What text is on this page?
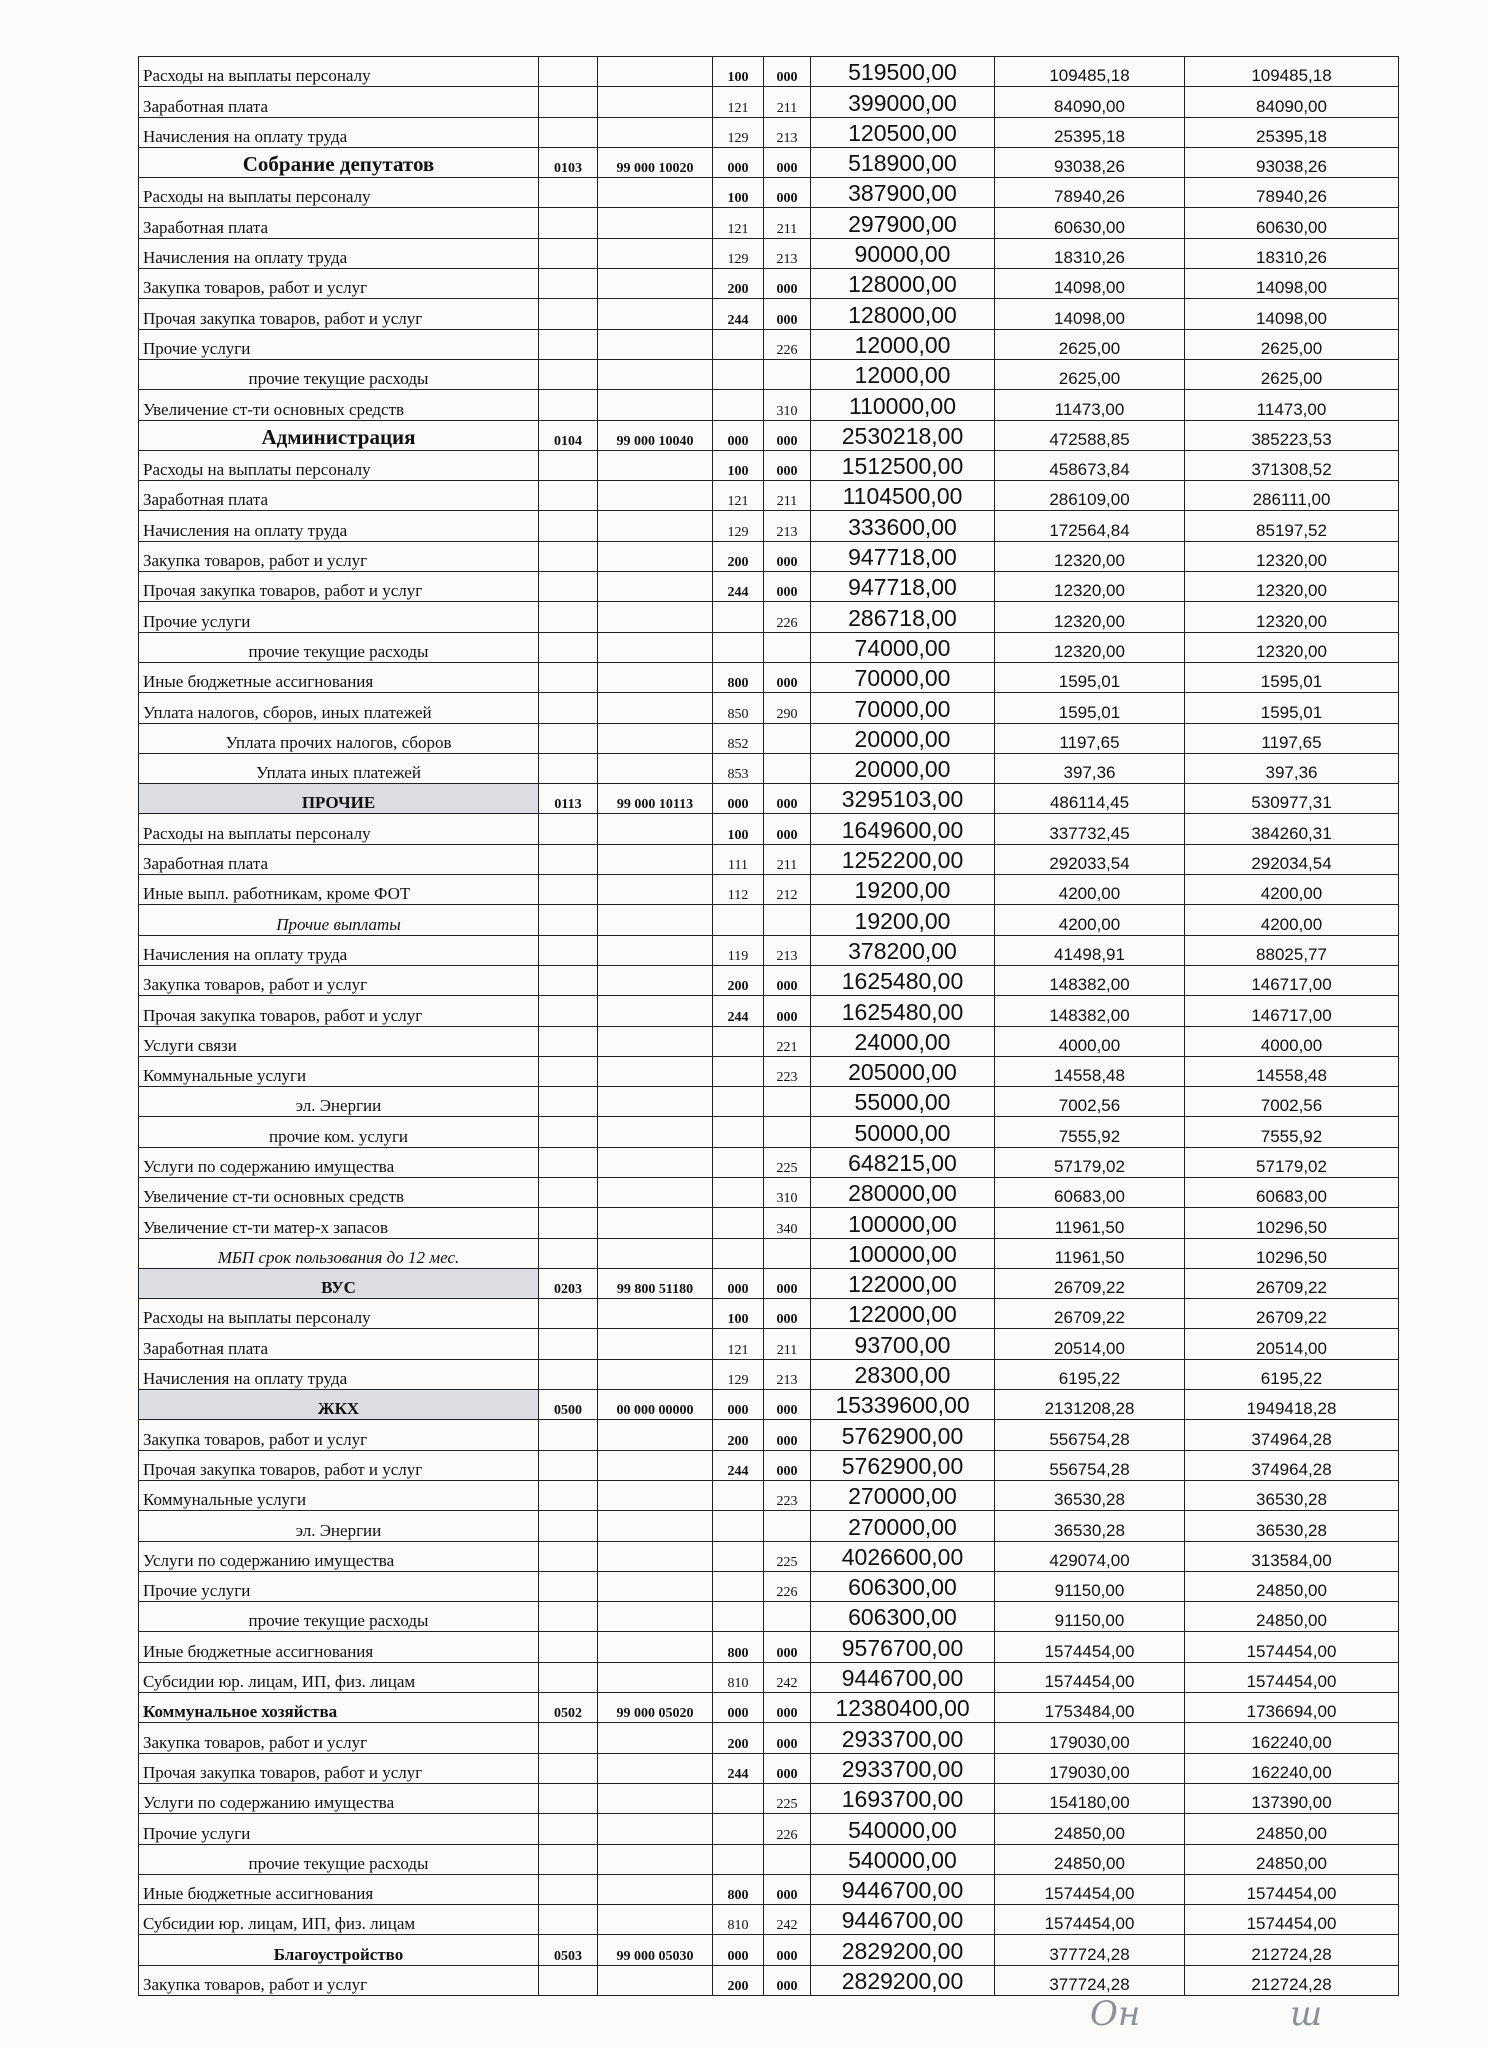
Расходы на выплаты персоналу			100	000	519500,00	109485,18	109485,18
Заработная плата			121	211	399000,00	84090,00	84090,00
Начисления на оплату труда			129	213	120500,00	25395,18	25395,18
Собрание депутатов	0103	99 000 10020	000	000	518900,00	93038,26	93038,26
Расходы на выплаты персоналу			100	000	387900,00	78940,26	78940,26
Заработная плата			121	211	297900,00	60630,00	60630,00
Начисления на оплату труда			129	213	90000,00	18310,26	18310,26
Закупка товаров, работ и услуг			200	000	128000,00	14098,00	14098,00
Прочая закупка товаров, работ и услуг			244	000	128000,00	14098,00	14098,00
Прочие услуги				226	12000,00	2625,00	2625,00
прочие текущие расходы					12000,00	2625,00	2625,00
Увеличение ст-ти основных средств				310	110000,00	11473,00	11473,00
Администрация	0104	99 000 10040	000	000	2530218,00	472588,85	385223,53
Расходы на выплаты персоналу			100	000	1512500,00	458673,84	371308,52
Заработная плата			121	211	1104500,00	286109,00	286111,00
Начисления на оплату труда			129	213	333600,00	172564,84	85197,52
Закупка товаров, работ и услуг			200	000	947718,00	12320,00	12320,00
Прочая закупка товаров, работ и услуг			244	000	947718,00	12320,00	12320,00
Прочие услуги				226	286718,00	12320,00	12320,00
прочие текущие расходы					74000,00	12320,00	12320,00
Иные бюджетные ассигнования			800	000	70000,00	1595,01	1595,01
Уплата налогов, сборов, иных платежей			850	290	70000,00	1595,01	1595,01
Уплата прочих налогов, сборов			852		20000,00	1197,65	1197,65
Уплата иных платежей			853		20000,00	397,36	397,36
ПРОЧИЕ	0113	99 000 10113	000	000	3295103,00	486114,45	530977,31
Расходы на выплаты персоналу			100	000	1649600,00	337732,45	384260,31
Заработная плата			111	211	1252200,00	292033,54	292034,54
Иные выпл. работникам, кроме ФОТ			112	212	19200,00	4200,00	4200,00
Прочие выплаты					19200,00	4200,00	4200,00
Начисления на оплату труда			119	213	378200,00	41498,91	88025,77
Закупка товаров, работ и услуг			200	000	1625480,00	148382,00	146717,00
Прочая закупка товаров, работ и услуг			244	000	1625480,00	148382,00	146717,00
Услуги связи				221	24000,00	4000,00	4000,00
Коммунальные услуги				223	205000,00	14558,48	14558,48
эл. Энергии					55000,00	7002,56	7002,56
прочие ком. услуги					50000,00	7555,92	7555,92
Услуги по содержанию имущества				225	648215,00	57179,02	57179,02
Увеличение ст-ти основных средств				310	280000,00	60683,00	60683,00
Увеличение ст-ти матер-х запасов				340	100000,00	11961,50	10296,50
МБП срок пользования до 12 мес.					100000,00	11961,50	10296,50
ВУС	0203	99 800 51180	000	000	122000,00	26709,22	26709,22
Расходы на выплаты персоналу			100	000	122000,00	26709,22	26709,22
Заработная плата			121	211	93700,00	20514,00	20514,00
Начисления на оплату труда			129	213	28300,00	6195,22	6195,22
ЖКХ	0500	00 000 00000	000	000	15339600,00	2131208,28	1949418,28
Закупка товаров, работ и услуг			200	000	5762900,00	556754,28	374964,28
Прочая закупка товаров, работ и услуг			244	000	5762900,00	556754,28	374964,28
Коммунальные услуги				223	270000,00	36530,28	36530,28
эл. Энергии					270000,00	36530,28	36530,28
Услуги по содержанию имущества				225	4026600,00	429074,00	313584,00
Прочие услуги				226	606300,00	91150,00	24850,00
прочие текущие расходы					606300,00	91150,00	24850,00
Иные бюджетные ассигнования			800	000	9576700,00	1574454,00	1574454,00
Субсидии юр. лицам, ИП, физ. лицам			810	242	9446700,00	1574454,00	1574454,00
Коммунальное хозяйства	0502	99 000 05020	000	000	12380400,00	1753484,00	1736694,00
Закупка товаров, работ и услуг			200	000	2933700,00	179030,00	162240,00
Прочая закупка товаров, работ и услуг			244	000	2933700,00	179030,00	162240,00
Услуги по содержанию имущества				225	1693700,00	154180,00	137390,00
Прочие услуги				226	540000,00	24850,00	24850,00
прочие текущие расходы					540000,00	24850,00	24850,00
Иные бюджетные ассигнования			800	000	9446700,00	1574454,00	1574454,00
Субсидии юр. лицам, ИП, физ. лицам			810	242	9446700,00	1574454,00	1574454,00
Благоустройство	0503	99 000 05030	000	000	2829200,00	377724,28	212724,28
Закупка товаров, работ и услуг			200	000	2829200,00	377724,28	212724,28
Он	ш
